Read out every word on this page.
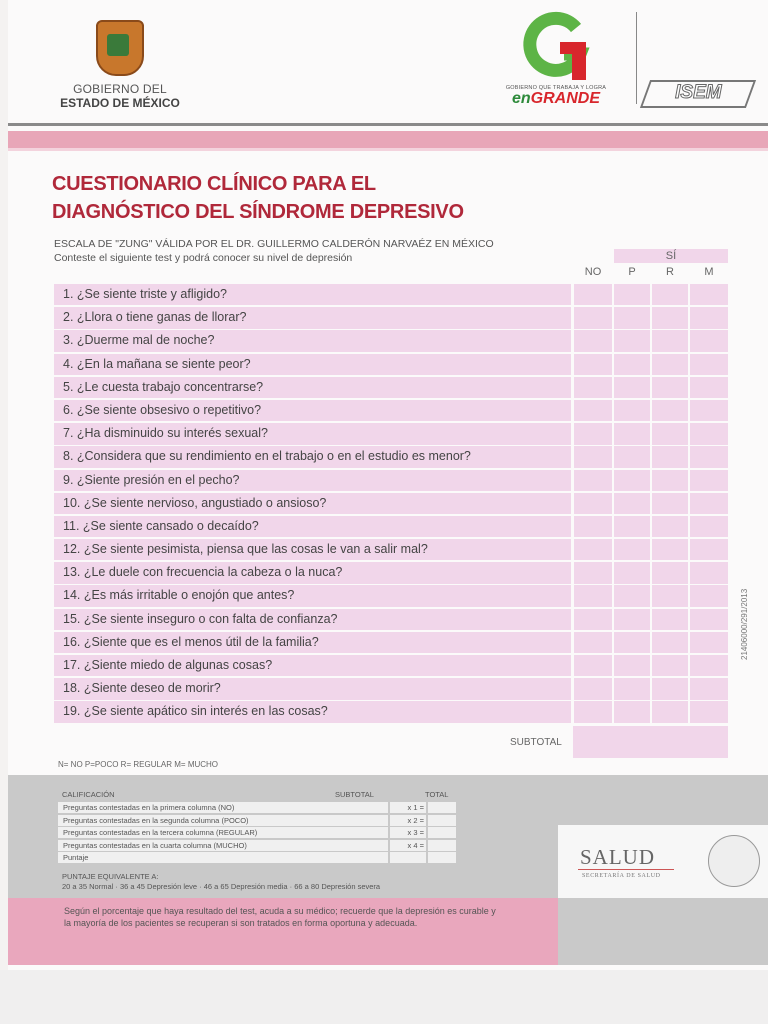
GOBIERNO DEL
ESTADO DE MÉXICO
GOBIERNO QUE TRABAJA Y LOGRA
enGRANDE	ISEM
CUESTIONARIO CLÍNICO PARA EL
DIAGNÓSTICO DEL SÍNDROME DEPRESIVO
ESCALA DE "ZUNG" VÁLIDA POR EL DR. GUILLERMO CALDERÓN NARVAÉZ EN MÉXICO
Conteste el siguiente test y podrá conocer su nivel de depresión	SÍ
NO	P	R	M
1. ¿Se siente triste y afligido?
2. ¿Llora o tiene ganas de llorar?
3. ¿Duerme mal de noche?
4. ¿En la mañana se siente peor?
5. ¿Le cuesta trabajo concentrarse?
6. ¿Se siente obsesivo o repetitivo?
7. ¿Ha disminuido su interés sexual?
8. ¿Considera que su rendimiento en el trabajo o en el estudio es menor?
9. ¿Siente presión en el pecho?
10. ¿Se siente nervioso, angustiado o ansioso?
11. ¿Se siente cansado o decaído?
12. ¿Se siente pesimista, piensa que las cosas le van a salir mal?
13. ¿Le duele con frecuencia la cabeza o la nuca?
14. ¿Es más irritable o enojón que antes?
15. ¿Se siente inseguro o con falta de confianza?
16. ¿Siente que es el menos útil de la familia?
17. ¿Siente miedo de algunas cosas?
18. ¿Siente deseo de morir?
19. ¿Se siente apático sin interés en las cosas?
SUBTOTAL
N= NO P=POCO R= REGULAR M= MUCHO
21406000/291/2013
SALUD
SECRETARÍA DE SALUD
CALIFICACIÓN	SUBTOTAL	TOTAL
Preguntas contestadas en la primera columna (NO)	x 1 =
Preguntas contestadas en la segunda columna (POCO)	x 2 =
Preguntas contestadas en la tercera columna (REGULAR)	x 3 =
Preguntas contestadas en la cuarta columna (MUCHO)	x 4 =
Puntaje
PUNTAJE EQUIVALENTE A:
20 a 35 Normal · 36 a 45 Depresión leve · 46 a 65 Depresión media · 66 a 80 Depresión severa
Según el porcentaje que haya resultado del test, acuda a su médico; recuerde que la depresión es curable y la mayoría de los pacientes se recuperan si son tratados en forma oportuna y adecuada.
